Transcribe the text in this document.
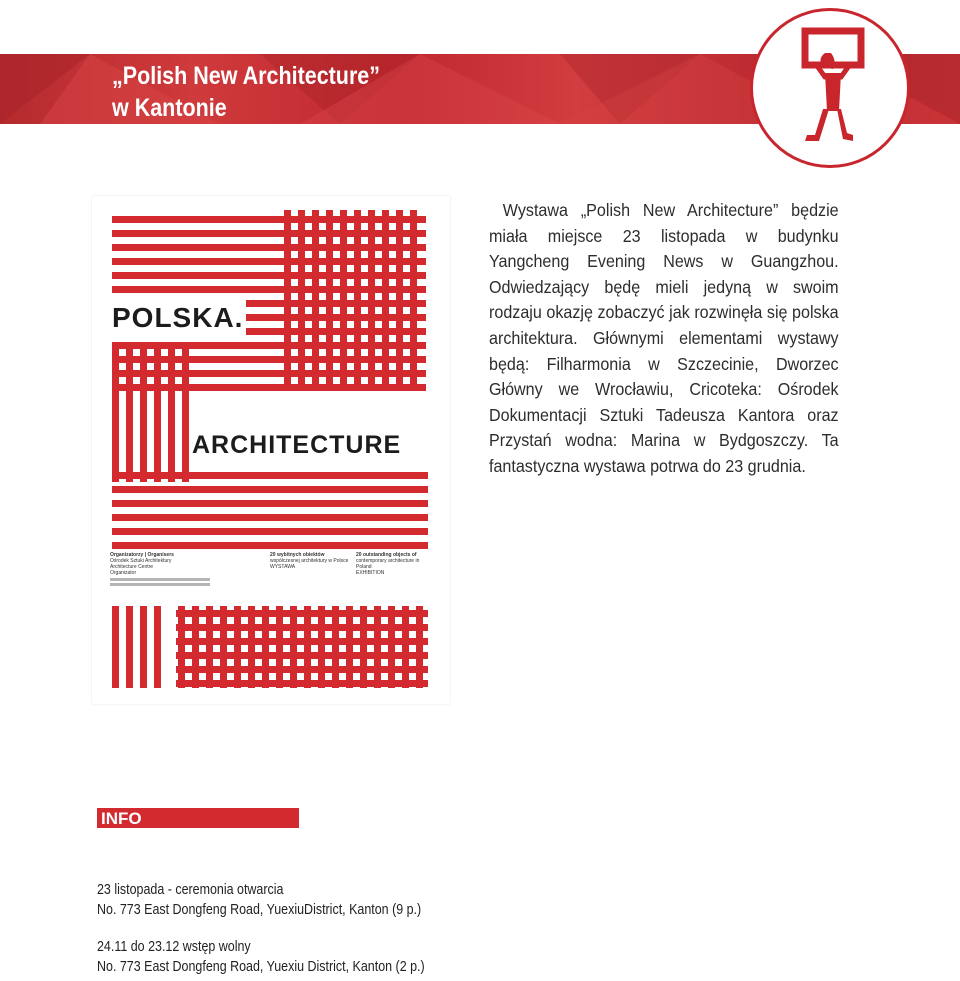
„Polish New Architecture”
w Kantonie
POLSKA.
ARCHITECTURE
Organizatorzy | Organisers
Ośrodek Sztuki Architektury
Architecture Centre
Organizator
20 wybitnych obiektów
współczesnej architektury w Polsce
WYSTAWA
20 outstanding objects of
contemporary architecture in Poland
EXHIBITION
Wystawa „Polish New Architecture” będzie miała miejsce 23 listopada w budynku Yangcheng Evening News w Guangzhou. Odwiedzający będę mieli jedyną w swoim rodzaju okazję zobaczyć jak rozwinęła się polska architektura. Głównymi elementami wystawy będą: Filharmonia w Szczecinie, Dworzec Główny we Wrocławiu, Cricoteka: Ośrodek Dokumentacji Sztuki Tadeusza Kantora oraz Przystań wodna: Marina w Bydgoszczy. Ta fantastyczna wystawa potrwa do 23 grudnia.
INFO
23 listopada - ceremonia otwarcia
No. 773 East Dongfeng Road, YuexiuDistrict, Kanton (9 p.)
24.11 do 23.12 wstęp wolny
No. 773 East Dongfeng Road, Yuexiu District, Kanton (2 p.)
